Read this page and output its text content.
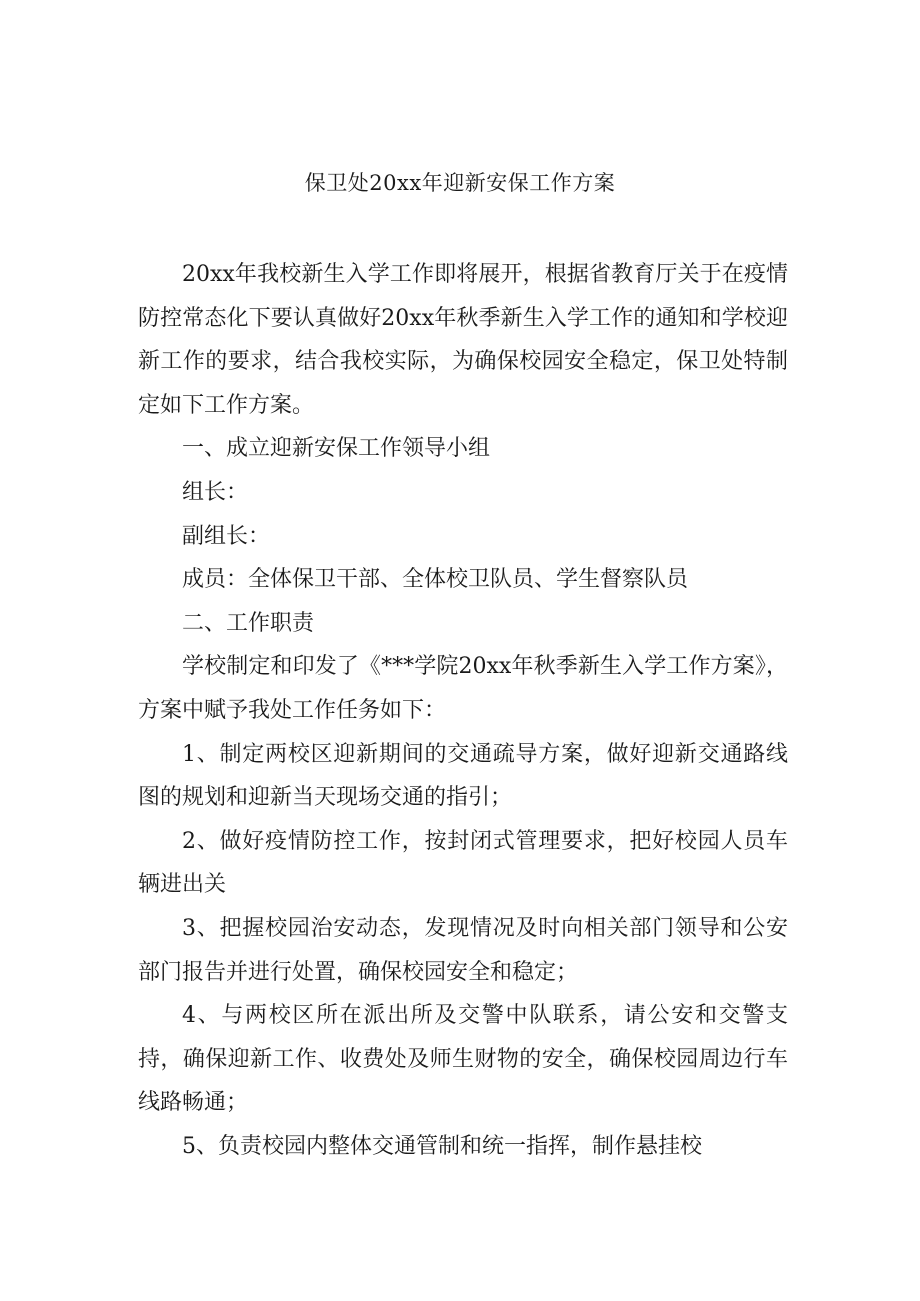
保卫处20xx年迎新安保工作方案

20xx年我校新生入学工作即将展开，根据省教育厅关于在疫情防控常态化下要认真做好20xx年秋季新生入学工作的通知和学校迎新工作的要求，结合我校实际，为确保校园安全稳定，保卫处特制定如下工作方案。

一、成立迎新安保工作领导小组

组长：

副组长：

成员：全体保卫干部、全体校卫队员、学生督察队员

二、工作职责

学校制定和印发了《***学院20xx年秋季新生入学工作方案》，方案中赋予我处工作任务如下：

1、制定两校区迎新期间的交通疏导方案，做好迎新交通路线图的规划和迎新当天现场交通的指引；

2、做好疫情防控工作，按封闭式管理要求，把好校园人员车辆进出关

3、把握校园治安动态，发现情况及时向相关部门领导和公安部门报告并进行处置，确保校园安全和稳定；

4、与两校区所在派出所及交警中队联系，请公安和交警支持，确保迎新工作、收费处及师生财物的安全，确保校园周边行车线路畅通；

5、负责校园内整体交通管制和统一指挥，制作悬挂校
